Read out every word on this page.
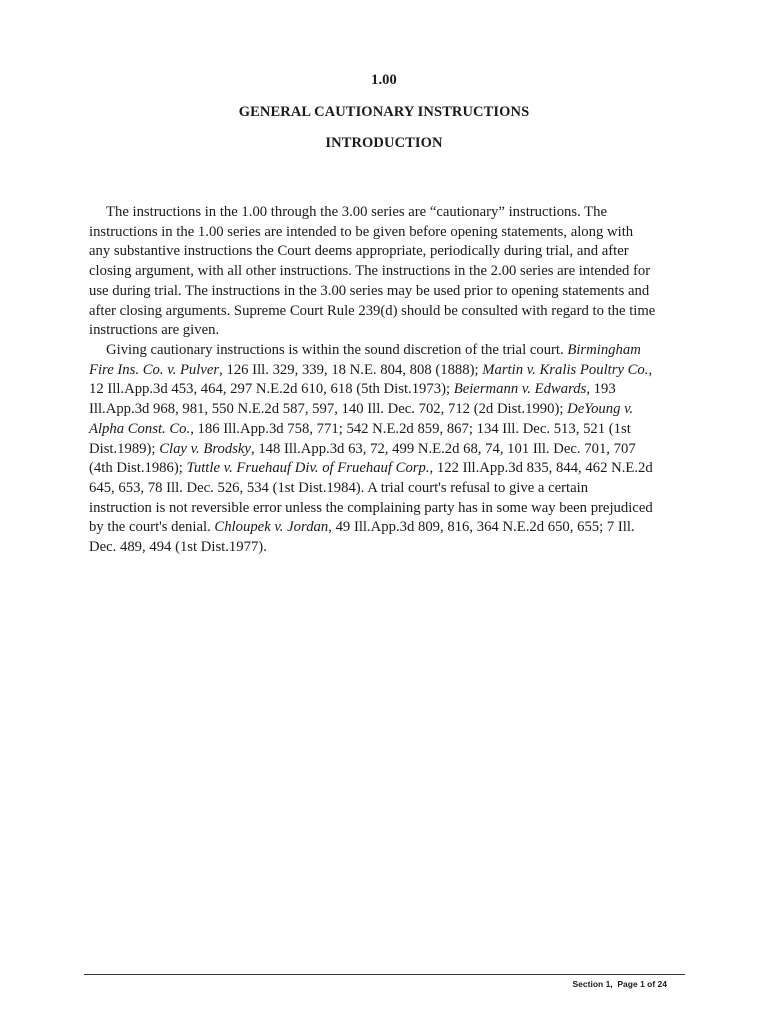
1.00
GENERAL CAUTIONARY INSTRUCTIONS
INTRODUCTION
The instructions in the 1.00 through the 3.00 series are “cautionary” instructions. The
instructions in the 1.00 series are intended to be given before opening statements, along with
any substantive instructions the Court deems appropriate, periodically during trial, and after
closing argument, with all other instructions. The instructions in the 2.00 series are intended for
use during trial. The instructions in the 3.00 series may be used prior to opening statements and
after closing arguments. Supreme Court Rule 239(d) should be consulted with regard to the time
instructions are given.
Giving cautionary instructions is within the sound discretion of the trial court. Birmingham
Fire Ins. Co. v. Pulver, 126 Ill. 329, 339, 18 N.E. 804, 808 (1888); Martin v. Kralis Poultry Co.,
12 Ill.App.3d 453, 464, 297 N.E.2d 610, 618 (5th Dist.1973); Beiermann v. Edwards, 193
Ill.App.3d 968, 981, 550 N.E.2d 587, 597, 140 Ill. Dec. 702, 712 (2d Dist.1990); DeYoung v.
Alpha Const. Co., 186 Ill.App.3d 758, 771; 542 N.E.2d 859, 867; 134 Ill. Dec. 513, 521 (1st
Dist.1989); Clay v. Brodsky, 148 Ill.App.3d 63, 72, 499 N.E.2d 68, 74, 101 Ill. Dec. 701, 707
(4th Dist.1986); Tuttle v. Fruehauf Div. of Fruehauf Corp., 122 Ill.App.3d 835, 844, 462 N.E.2d
645, 653, 78 Ill. Dec. 526, 534 (1st Dist.1984). A trial court's refusal to give a certain
instruction is not reversible error unless the complaining party has in some way been prejudiced
by the court's denial. Chloupek v. Jordan, 49 Ill.App.3d 809, 816, 364 N.E.2d 650, 655; 7 Ill.
Dec. 489, 494 (1st Dist.1977).
Section 1,  Page 1 of 24
